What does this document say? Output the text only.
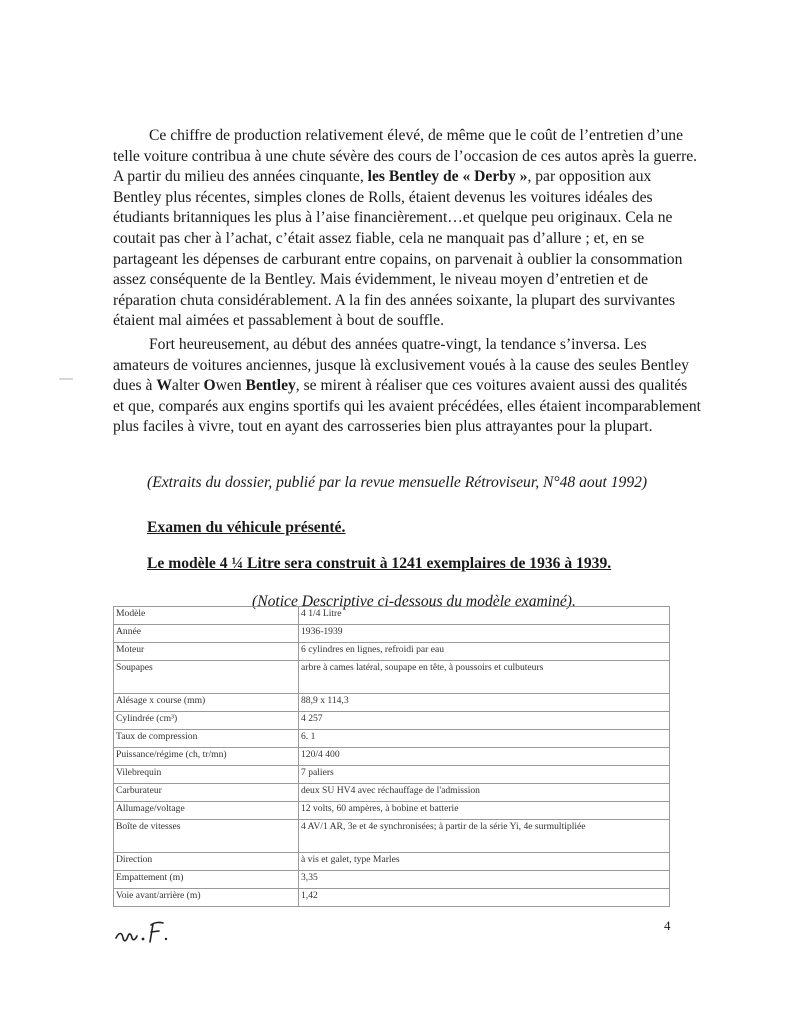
Ce chiffre de production relativement élevé, de même que le coût de l’entretien d’une telle voiture contribua à une chute sévère des cours de l’occasion de ces autos après la guerre. A partir du milieu des années cinquante, les Bentley de « Derby », par opposition aux Bentley plus récentes, simples clones de Rolls, étaient devenus les voitures idéales des étudiants britanniques les plus à l’aise financièrement…et quelque peu originaux. Cela ne coutait pas cher à l’achat, c’était assez fiable, cela ne manquait pas d’allure ; et, en se partageant les dépenses de carburant entre copains, on parvenait à oublier la consommation assez conséquente de la Bentley. Mais évidemment, le niveau moyen d’entretien et de réparation chuta considérablement. A la fin des années soixante, la plupart des survivantes étaient mal aimées et passablement à bout de souffle.

Fort heureusement, au début des années quatre-vingt, la tendance s’inversa. Les amateurs de voitures anciennes, jusque là exclusivement voués à la cause des seules Bentley dues à Walter Owen Bentley, se mirent à réaliser que ces voitures avaient aussi des qualités et que, comparés aux engins sportifs qui les avaient précédées, elles étaient incomparablement plus faciles à vivre, tout en ayant des carrosseries bien plus attrayantes pour la plupart.

(Extraits du dossier, publié par la revue mensuelle Rétroviseur, N°48 aout 1992)
Examen du véhicule présenté.
Le modèle 4 ¼ Litre sera construit à 1241 exemplaires de 1936 à 1939.
(Notice Descriptive ci-dessous du modèle examiné).
Modèle	4 1/4 Litre
Année	1936-1939
Moteur	6 cylindres en lignes, refroidi par eau
Soupapes	arbre à cames latéral, soupape en tête, à poussoirs et culbuteurs
Alésage x course (mm)	88,9 x 114,3
Cylindrée (cm³)	4 257
Taux de compression	6. 1
Puissance/régime (ch, tr/mn)	120/4 400
Vilebrequin	7 paliers
Carburateur	deux SU HV4 avec réchauffage de l'admission
Allumage/voltage	12 volts, 60 ampères, à bobine et batterie
Boîte de vitesses	4 AV/1 AR, 3e et 4e synchronisées; à partir de la série Yi, 4e surmultipliée
Direction	à vis et galet, type Marles
Empattement (m)	3,35
Voie avant/arrière (m)	1,42
4
